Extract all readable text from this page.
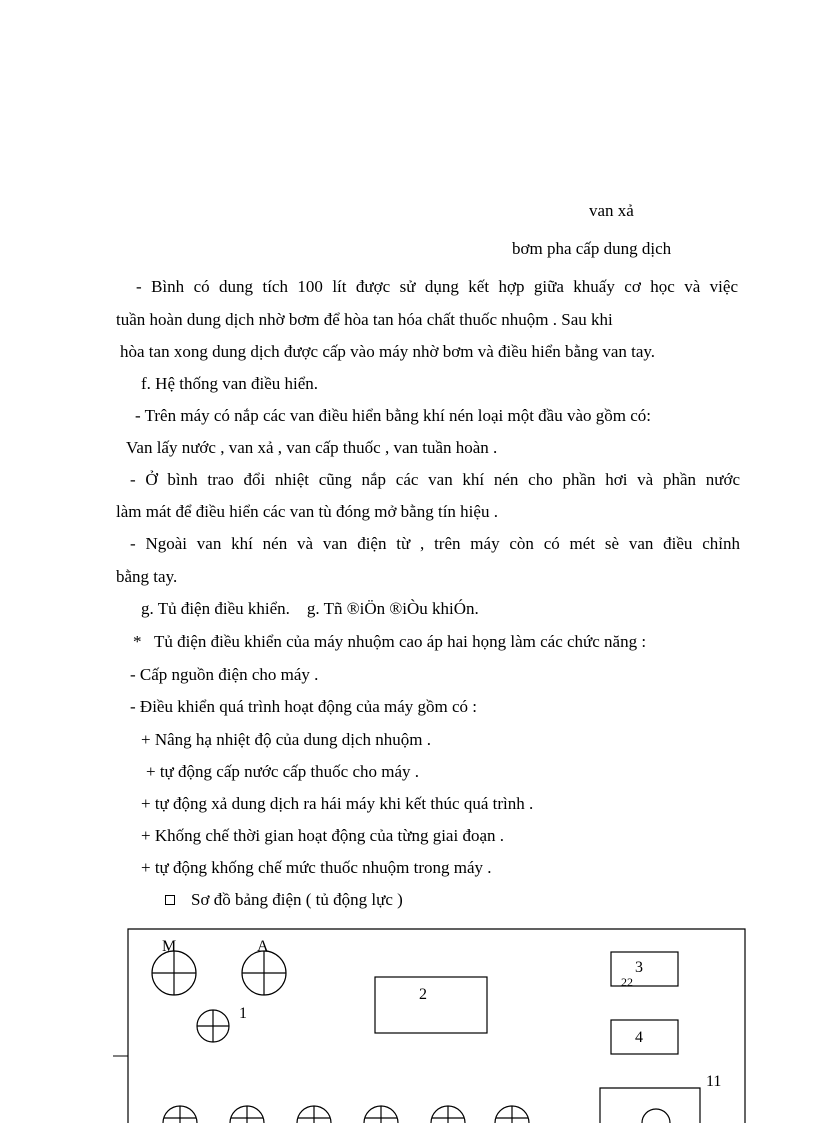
van xả
bơm pha cấp dung dịch
- Bình có dung tích 100 lít được sử dụng kết hợp giữa khuấy cơ học và việc
tuần hoàn dung dịch nhờ bơm để hòa tan hóa chất thuốc nhuộm . Sau khi
hòa tan xong dung dịch được cấp vào máy nhờ bơm và điều hiển bằng van tay.
f. Hệ thống van điều hiển.
- Trên máy có nắp các van điều hiển bằng khí nén loại một đầu vào gồm có:
Van lấy nước , van xả , van cấp thuốc , van tuần hoàn .
- Ở bình trao đổi nhiệt cũng nắp các van khí nén cho phần hơi và phần nước
làm mát để điều hiển các van tù đóng mở bằng tín hiệu .
- Ngoài van khí nén và van điện từ , trên máy còn có mét sè van điều chỉnh
bằng tay.
g. Tủ điện điều khiển.    g. Tñ ®iÖn ®iÒu khiÓn.
*   Tủ điện điều khiển của máy nhuộm cao áp hai họng làm các chức năng :
- Cấp nguồn điện cho máy .
- Điều khiển quá trình hoạt động của máy gồm có :
+ Nâng hạ nhiệt độ của dung dịch nhuộm .
+ tự động cấp nước cấp thuốc cho máy .
+ tự động xả dung dịch ra hái máy khi kết thúc quá trình .
+ Khống chế thời gian hoạt động của từng giai đoạn .
+ tự động khống chế mức thuốc nhuộm trong máy .
Sơ đồ bảng điện ( tủ động lực )
M	A
1
2
3
22
4
11
